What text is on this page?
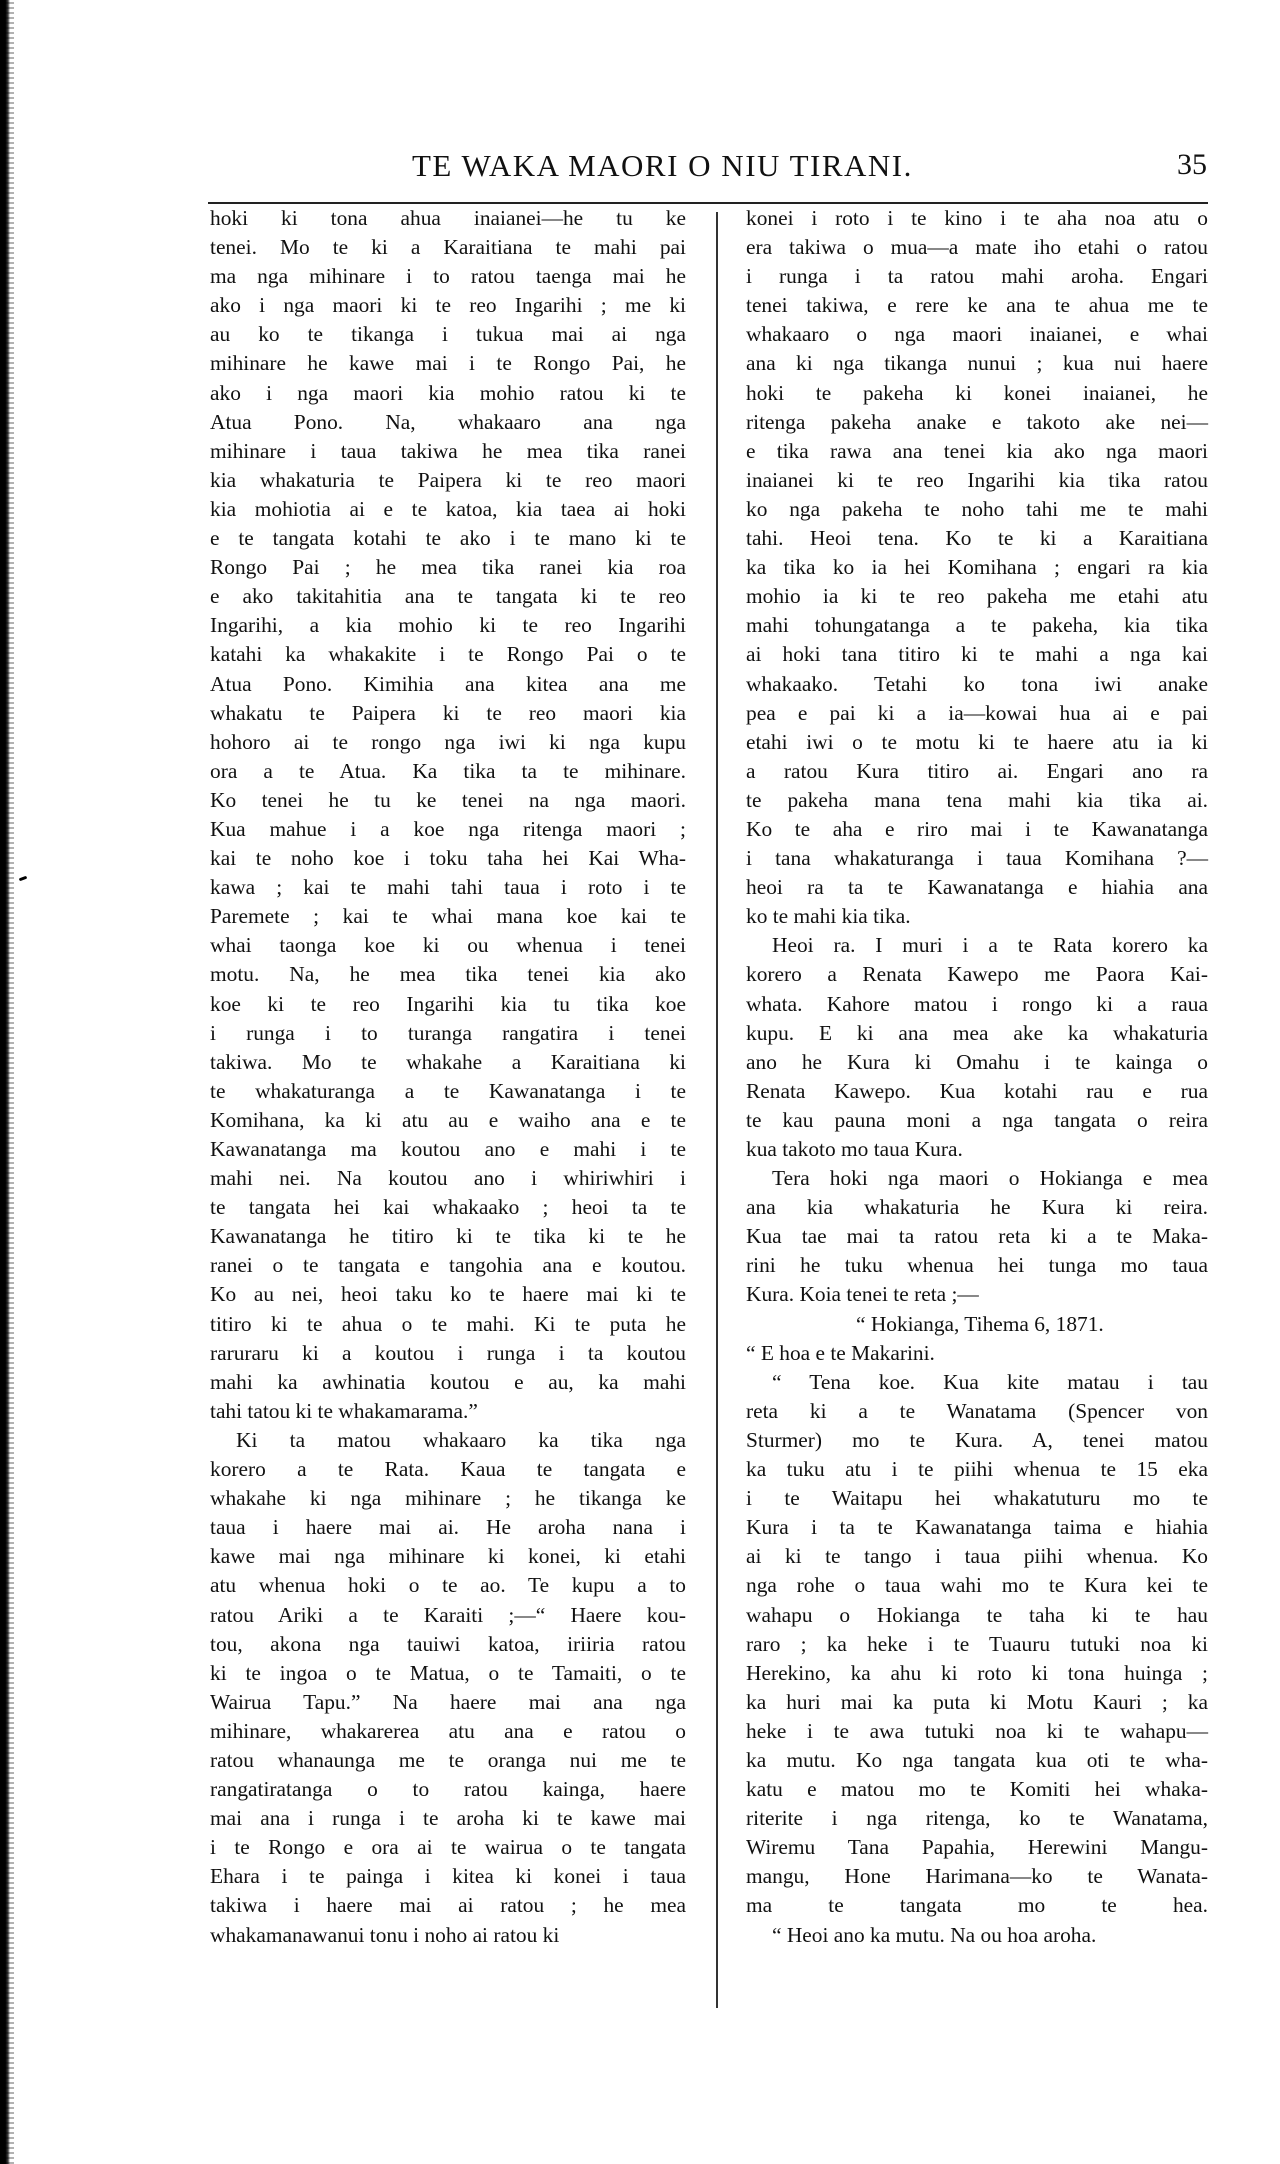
TE WAKA MAORI O NIU TIRANI.	35
hoki ki tona ahua inaianei—he tu ke
tenei. Mo te ki a Karaitiana te mahi pai
ma nga mihinare i to ratou taenga mai he
ako i nga maori ki te reo Ingarihi ; me ki
au ko te tikanga i tukua mai ai nga
mihinare he kawe mai i te Rongo Pai, he
ako i nga maori kia mohio ratou ki te
Atua Pono. Na, whakaaro ana nga
mihinare i taua takiwa he mea tika ranei
kia whakaturia te Paipera ki te reo maori
kia mohiotia ai e te katoa, kia taea ai hoki
e te tangata kotahi te ako i te mano ki te
Rongo Pai ; he mea tika ranei kia roa
e ako takitahitia ana te tangata ki te reo
Ingarihi, a kia mohio ki te reo Ingarihi
katahi ka whakakite i te Rongo Pai o te
Atua Pono. Kimihia ana kitea ana me
whakatu te Paipera ki te reo maori kia
hohoro ai te rongo nga iwi ki nga kupu
ora a te Atua. Ka tika ta te mihinare.
Ko tenei he tu ke tenei na nga maori.
Kua mahue i a koe nga ritenga maori ;
kai te noho koe i toku taha hei Kai Wha-
kawa ; kai te mahi tahi taua i roto i te
Paremete ; kai te whai mana koe kai te
whai taonga koe ki ou whenua i tenei
motu. Na, he mea tika tenei kia ako
koe ki te reo Ingarihi kia tu tika koe
i runga i to turanga rangatira i tenei
takiwa. Mo te whakahe a Karaitiana ki
te whakaturanga a te Kawanatanga i te
Komihana, ka ki atu au e waiho ana e te
Kawanatanga ma koutou ano e mahi i te
mahi nei. Na koutou ano i whiriwhiri i
te tangata hei kai whakaako ; heoi ta te
Kawanatanga he titiro ki te tika ki te he
ranei o te tangata e tangohia ana e koutou.
Ko au nei, heoi taku ko te haere mai ki te
titiro ki te ahua o te mahi. Ki te puta he
raruraru ki a koutou i runga i ta koutou
mahi ka awhinatia koutou e au, ka mahi
tahi tatou ki te whakamarama.”
Ki ta matou whakaaro ka tika nga
korero a te Rata. Kaua te tangata e
whakahe ki nga mihinare ; he tikanga ke
taua i haere mai ai. He aroha nana i
kawe mai nga mihinare ki konei, ki etahi
atu whenua hoki o te ao. Te kupu a to
ratou Ariki a te Karaiti ;—“ Haere kou-
tou, akona nga tauiwi katoa, iriiria ratou
ki te ingoa o te Matua, o te Tamaiti, o te
Wairua Tapu.” Na haere mai ana nga
mihinare, whakarerea atu ana e ratou o
ratou whanaunga me te oranga nui me te
rangatiratanga o to ratou kainga, haere
mai ana i runga i te aroha ki te kawe mai
i te Rongo e ora ai te wairua o te tangata
Ehara i te painga i kitea ki konei i taua
takiwa i haere mai ai ratou ; he mea
whakamanawanui tonu i noho ai ratou ki
konei i roto i te kino i te aha noa atu o
era takiwa o mua—a mate iho etahi o ratou
i runga i ta ratou mahi aroha. Engari
tenei takiwa, e rere ke ana te ahua me te
whakaaro o nga maori inaianei, e whai
ana ki nga tikanga nunui ; kua nui haere
hoki te pakeha ki konei inaianei, he
ritenga pakeha anake e takoto ake nei—
e tika rawa ana tenei kia ako nga maori
inaianei ki te reo Ingarihi kia tika ratou
ko nga pakeha te noho tahi me te mahi
tahi. Heoi tena. Ko te ki a Karaitiana
ka tika ko ia hei Komihana ; engari ra kia
mohio ia ki te reo pakeha me etahi atu
mahi tohungatanga a te pakeha, kia tika
ai hoki tana titiro ki te mahi a nga kai
whakaako. Tetahi ko tona iwi anake
pea e pai ki a ia—kowai hua ai e pai
etahi iwi o te motu ki te haere atu ia ki
a ratou Kura titiro ai. Engari ano ra
te pakeha mana tena mahi kia tika ai.
Ko te aha e riro mai i te Kawanatanga
i tana whakaturanga i taua Komihana ?—
heoi ra ta te Kawanatanga e hiahia ana
ko te mahi kia tika.
Heoi ra. I muri i a te Rata korero ka
korero a Renata Kawepo me Paora Kai-
whata. Kahore matou i rongo ki a raua
kupu. E ki ana mea ake ka whakaturia
ano he Kura ki Omahu i te kainga o
Renata Kawepo. Kua kotahi rau e rua
te kau pauna moni a nga tangata o reira
kua takoto mo taua Kura.
Tera hoki nga maori o Hokianga e mea
ana kia whakaturia he Kura ki reira.
Kua tae mai ta ratou reta ki a te Maka-
rini he tuku whenua hei tunga mo taua
Kura. Koia tenei te reta ;—
“ Hokianga, Tihema 6, 1871.
“ E hoa e te Makarini.
“ Tena koe. Kua kite matau i tau
reta ki a te Wanatama (Spencer von
Sturmer) mo te Kura. A, tenei matou
ka tuku atu i te piihi whenua te 15 eka
i te Waitapu hei whakatuturu mo te
Kura i ta te Kawanatanga taima e hiahia
ai ki te tango i taua piihi whenua. Ko
nga rohe o taua wahi mo te Kura kei te
wahapu o Hokianga te taha ki te hau
raro ; ka heke i te Tuauru tutuki noa ki
Herekino, ka ahu ki roto ki tona huinga ;
ka huri mai ka puta ki Motu Kauri ; ka
heke i te awa tutuki noa ki te wahapu—
ka mutu. Ko nga tangata kua oti te wha-
katu e matou mo te Komiti hei whaka-
riterite i nga ritenga, ko te Wanatama,
Wiremu Tana Papahia, Herewini Mangu-
mangu, Hone Harimana—ko te Wanata-
ma te tangata mo te hea.
“ Heoi ano ka mutu. Na ou hoa aroha.
